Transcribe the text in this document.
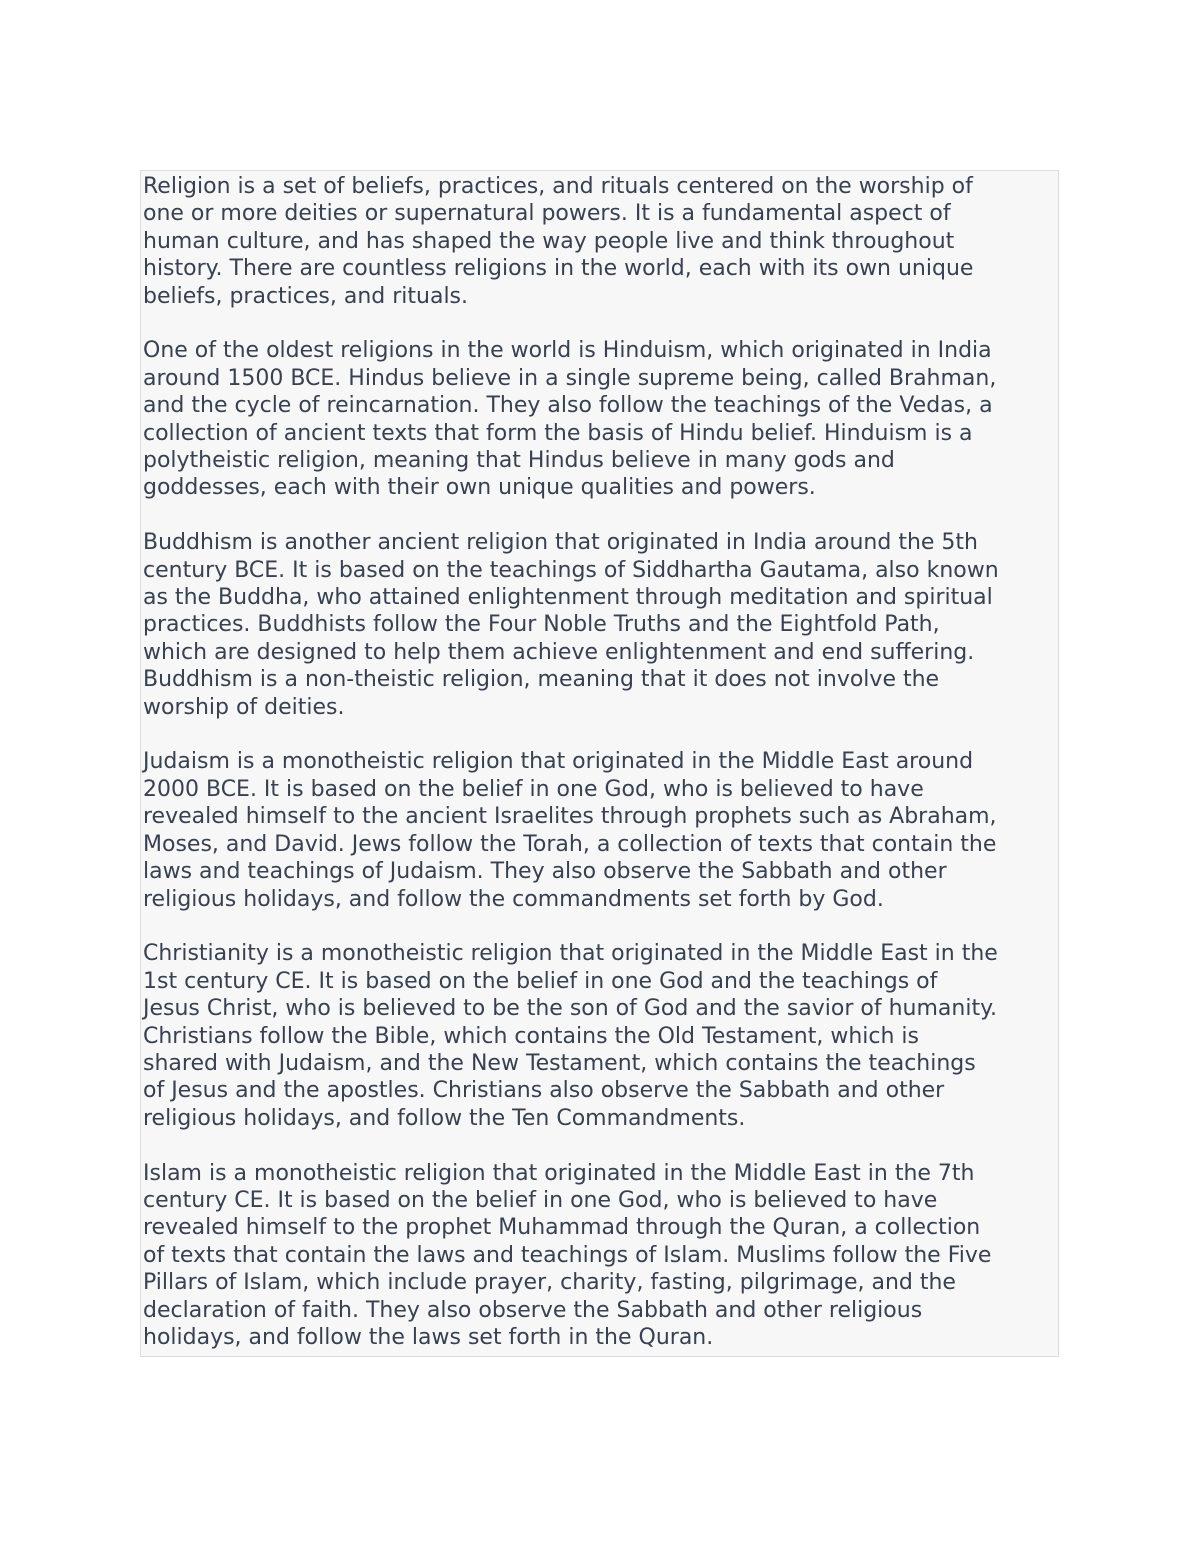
Religion is a set of beliefs, practices, and rituals centered on the worship of
one or more deities or supernatural powers. It is a fundamental aspect of
human culture, and has shaped the way people live and think throughout
history. There are countless religions in the world, each with its own unique
beliefs, practices, and rituals.

One of the oldest religions in the world is Hinduism, which originated in India
around 1500 BCE. Hindus believe in a single supreme being, called Brahman,
and the cycle of reincarnation. They also follow the teachings of the Vedas, a
collection of ancient texts that form the basis of Hindu belief. Hinduism is a
polytheistic religion, meaning that Hindus believe in many gods and
goddesses, each with their own unique qualities and powers.

Buddhism is another ancient religion that originated in India around the 5th
century BCE. It is based on the teachings of Siddhartha Gautama, also known
as the Buddha, who attained enlightenment through meditation and spiritual
practices. Buddhists follow the Four Noble Truths and the Eightfold Path,
which are designed to help them achieve enlightenment and end suffering.
Buddhism is a non-theistic religion, meaning that it does not involve the
worship of deities.

Judaism is a monotheistic religion that originated in the Middle East around
2000 BCE. It is based on the belief in one God, who is believed to have
revealed himself to the ancient Israelites through prophets such as Abraham,
Moses, and David. Jews follow the Torah, a collection of texts that contain the
laws and teachings of Judaism. They also observe the Sabbath and other
religious holidays, and follow the commandments set forth by God.

Christianity is a monotheistic religion that originated in the Middle East in the
1st century CE. It is based on the belief in one God and the teachings of
Jesus Christ, who is believed to be the son of God and the savior of humanity.
Christians follow the Bible, which contains the Old Testament, which is
shared with Judaism, and the New Testament, which contains the teachings
of Jesus and the apostles. Christians also observe the Sabbath and other
religious holidays, and follow the Ten Commandments.

Islam is a monotheistic religion that originated in the Middle East in the 7th
century CE. It is based on the belief in one God, who is believed to have
revealed himself to the prophet Muhammad through the Quran, a collection
of texts that contain the laws and teachings of Islam. Muslims follow the Five
Pillars of Islam, which include prayer, charity, fasting, pilgrimage, and the
declaration of faith. They also observe the Sabbath and other religious
holidays, and follow the laws set forth in the Quran.
